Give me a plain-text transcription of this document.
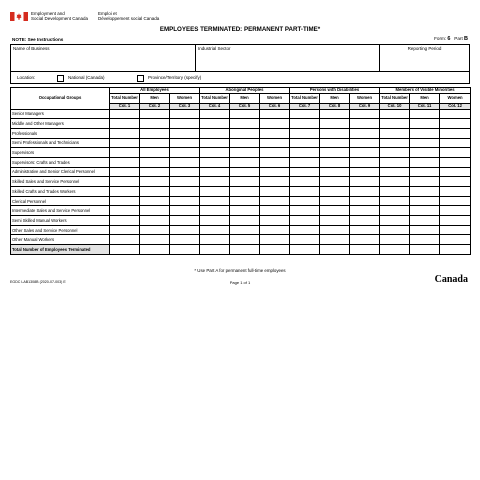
Employment and
Social Development Canada
Emploi et
Développement social Canada
EMPLOYEES TERMINATED: PERMANENT PART-TIME*
NOTE: See Instructions	Form: 6 Part B
Name of Business	Industrial Sector	Reporting Period
Location:	National (Canada)	Province/Territory (specify)
Occupational Groups	All Employees			Aboriginal Peoples			Persons with Disabilities			Members of Visible Minorities		
	Total Number	Men	Women	Total Number	Men	Women	Total Number	Men	Women	Total Number	Men	Women
	Col. 1	Col. 2	Col. 3	Col. 4	Col. 5	Col. 6	Col. 7	Col. 8	Col. 9	Col. 10	Col. 11	Col. 12
Senior Managers												
Middle and Other Managers												
Professionals												
Semi Professionals and Technicians												
Supervisors												
Supervisors: Crafts and Trades												
Administrative and Senior Clerical Personnel												
Skilled Sales and Service Personnel												
Skilled Crafts and Trades Workers												
Clerical Personnel												
Intermediate Sales and Service Personnel												
Semi Skilled Manual Workers												
Other Sales and Service Personnel												
Other Manual Workers												
Total Number of Employees Terminated												
* Use Part A for permanent full-time employees
EGDC LAB1308B (2020-07-003) E	Page 1 of 1	Canada
